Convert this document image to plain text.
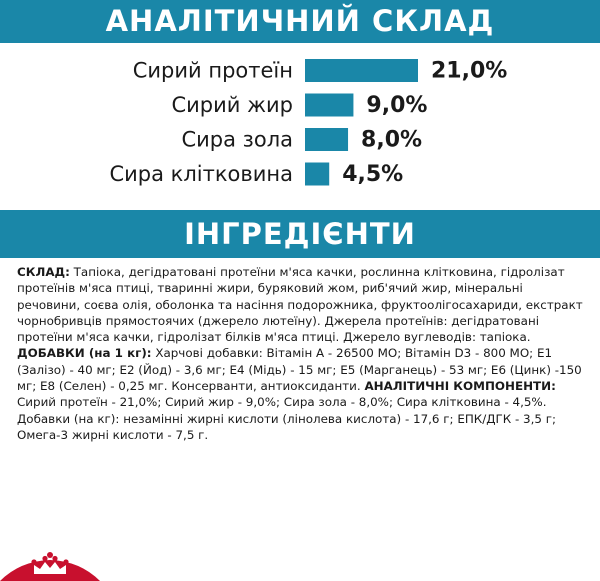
АНАЛІТИЧНИЙ СКЛАД
Сирий протеїн
Сирий жир
Сира зола
Сира клітковина
21,0%
9,0%
8,0%
4,5%
ІНГРЕДІЄНТИ
СКЛАД: Тапіока, дегідратовані протеїни м'яса качки, рослинна клітковина, гідролізат протеїнів м'яса птиці, тваринні жири, буряковий жом, риб'ячий жир, мінеральні речовини, соєва олія, оболонка та насіння подорожника, фруктоолігосахариди, екстракт чорнобривців прямостоячих (джерело лютеїну). Джерела протеїнів: дегідратовані протеїни м'яса качки, гідролізат білків м'яса птиці. Джерело вуглеводів: тапіока. ДОБАВКИ (на 1 кг): Харчові добавки: Вітамін А - 26500 МО; Вітамін D3 - 800 МО; Е1 (Залізо) - 40 мг; Е2 (Йод) - 3,6 мг; Е4 (Мідь) - 15 мг; Е5 (Марганець) - 53 мг; Е6 (Цинк) -150 мг; Е8 (Селен) - 0,25 мг. Консерванти, антиоксиданти. АНАЛІТИЧНІ КОМПОНЕНТИ: Сирий протеїн - 21,0%; Сирий жир - 9,0%; Сира зола - 8,0%; Сира клітковина - 4,5%. Добавки (на кг): незамінні жирні кислоти (лінолева кислота) - 17,6 г; ЕПК/ДГК - 3,5 г; Омега-3 жирні кислоти - 7,5 г.
